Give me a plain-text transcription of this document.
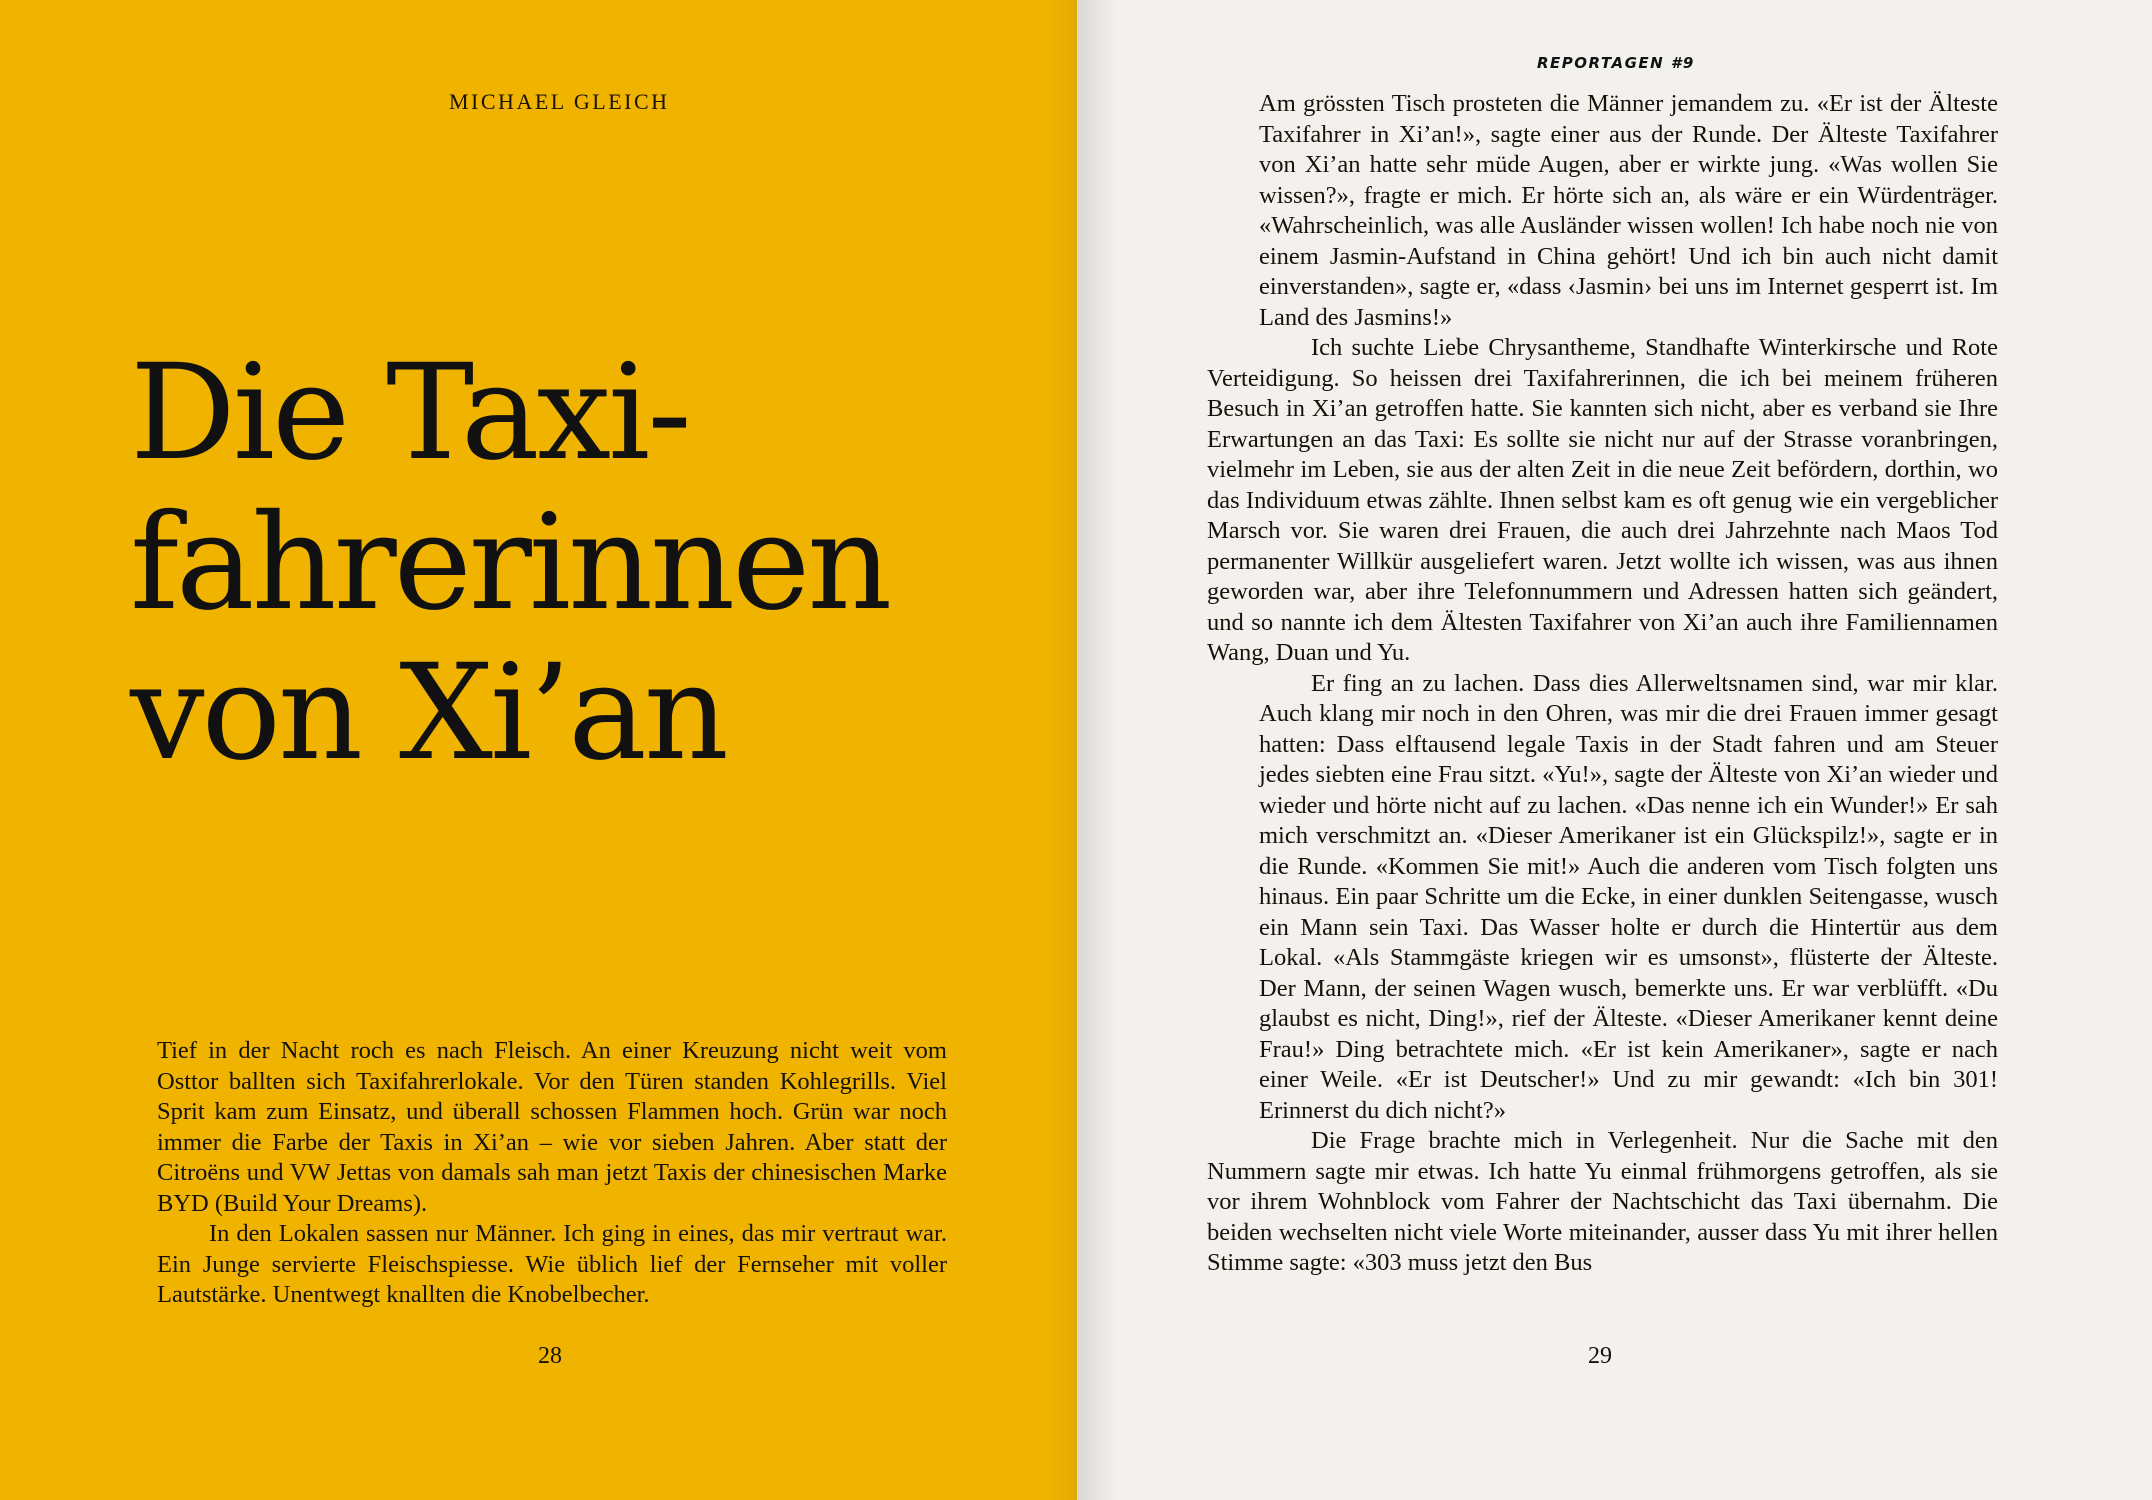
MICHAEL GLEICH
Die Taxi-
fahrerinnen
von Xi’an

Tief in der Nacht roch es nach Fleisch. An einer Kreuzung nicht weit vom Osttor ballten sich Taxifahrerlokale. Vor den Türen standen Kohlegrills. Viel Sprit kam zum Einsatz, und überall schossen Flammen hoch. Grün war noch immer die Farbe der Taxis in Xi’an – wie vor sieben Jahren. Aber statt der Citroëns und VW Jettas von damals sah man jetzt Taxis der chinesischen Marke BYD (Build Your Dreams).

In den Lokalen sassen nur Männer. Ich ging in eines, das mir vertraut war. Ein Junge servierte Fleischspiesse. Wie üblich lief der Fernseher mit voller Lautstärke. Unentwegt knallten die Knobelbecher.

28
REPORTAGEN #9

Am grössten Tisch prosteten die Männer jemandem zu. «Er ist der Älteste Taxifahrer in Xi’an!», sagte einer aus der Runde. Der Älteste Taxifahrer von Xi’an hatte sehr müde Augen, aber er wirkte jung. «Was wollen Sie wissen?», fragte er mich. Er hörte sich an, als wäre er ein Würdenträger. «Wahrscheinlich, was alle Ausländer wissen wollen! Ich habe noch nie von einem Jasmin-Aufstand in China gehört! Und ich bin auch nicht damit einverstanden», sagte er, «dass ‹Jasmin› bei uns im Internet gesperrt ist. Im Land des Jasmins!»

Ich suchte Liebe Chrysantheme, Standhafte Winterkirsche und Rote Verteidigung. So heissen drei Taxifahrerinnen, die ich bei meinem früheren Besuch in Xi’an getroffen hatte. Sie kannten sich nicht, aber es verband sie Ihre Erwartungen an das Taxi: Es sollte sie nicht nur auf der Strasse voranbringen, vielmehr im Leben, sie aus der alten Zeit in die neue Zeit befördern, dorthin, wo das Individuum etwas zählte. Ihnen selbst kam es oft genug wie ein vergeblicher Marsch vor. Sie waren drei Frauen, die auch drei Jahrzehnte nach Maos Tod permanenter Willkür ausgeliefert waren. Jetzt wollte ich wissen, was aus ihnen geworden war, aber ihre Telefonnummern und Adressen hatten sich geändert, und so nannte ich dem Ältesten Taxifahrer von Xi’an auch ihre Familiennamen Wang, Duan und Yu.

Er fing an zu lachen. Dass dies Allerweltsnamen sind, war mir klar. Auch klang mir noch in den Ohren, was mir die drei Frauen immer gesagt hatten: Dass elftausend legale Taxis in der Stadt fahren und am Steuer jedes siebten eine Frau sitzt. «Yu!», sagte der Älteste von Xi’an wieder und wieder und hörte nicht auf zu lachen. «Das nenne ich ein Wunder!» Er sah mich verschmitzt an. «Dieser Amerikaner ist ein Glückspilz!», sagte er in die Runde. «Kommen Sie mit!» Auch die anderen vom Tisch folgten uns hinaus. Ein paar Schritte um die Ecke, in einer dunklen Seitengasse, wusch ein Mann sein Taxi. Das Wasser holte er durch die Hintertür aus dem Lokal. «Als Stammgäste kriegen wir es umsonst», flüsterte der Älteste. Der Mann, der seinen Wagen wusch, bemerkte uns. Er war verblüfft. «Du glaubst es nicht, Ding!», rief der Älteste. «Dieser Amerikaner kennt deine Frau!» Ding betrachtete mich. «Er ist kein Amerikaner», sagte er nach einer Weile. «Er ist Deutscher!» Und zu mir gewandt: «Ich bin 301! Erinnerst du dich nicht?»

Die Frage brachte mich in Verlegenheit. Nur die Sache mit den Nummern sagte mir etwas. Ich hatte Yu einmal frühmorgens getroffen, als sie vor ihrem Wohnblock vom Fahrer der Nachtschicht das Taxi übernahm. Die beiden wechselten nicht viele Worte miteinander, ausser dass Yu mit ihrer hellen Stimme sagte: «303 muss jetzt den Bus

29
